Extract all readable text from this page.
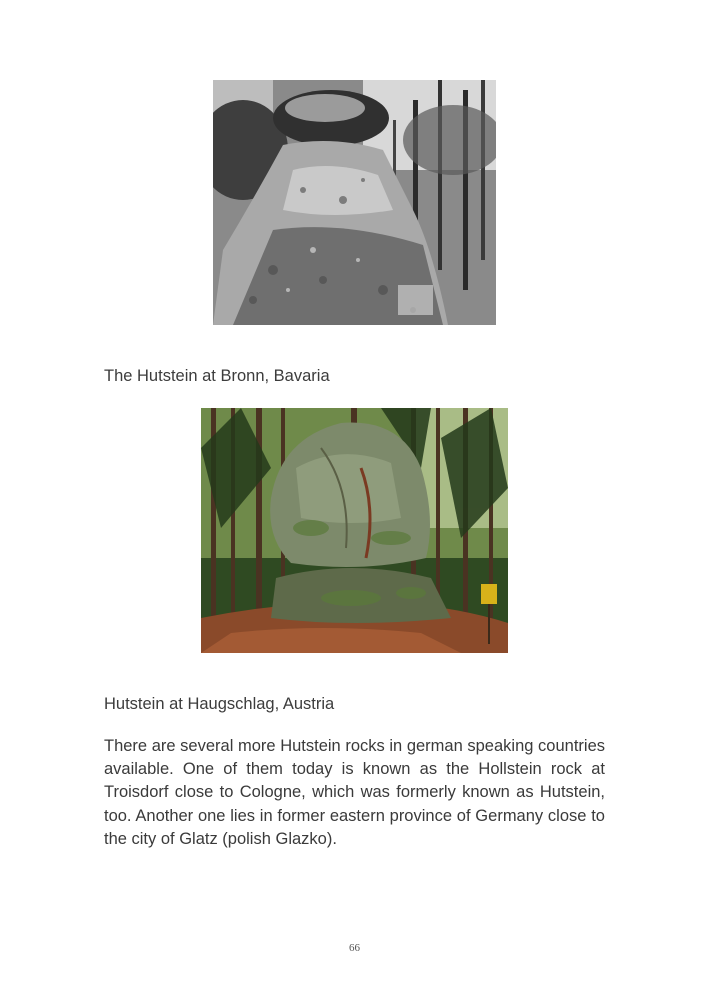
The Hutstein at Bronn, Bavaria
Hutstein at Haugschlag, Austria

There are several more Hutstein rocks in german speaking countries available. One of them today is known as the Hollstein rock at Troisdorf close to Cologne, which was formerly known as Hutstein, too. Another one lies in former eastern province of Germany close to the city of Glatz (polish Glazko).

66
